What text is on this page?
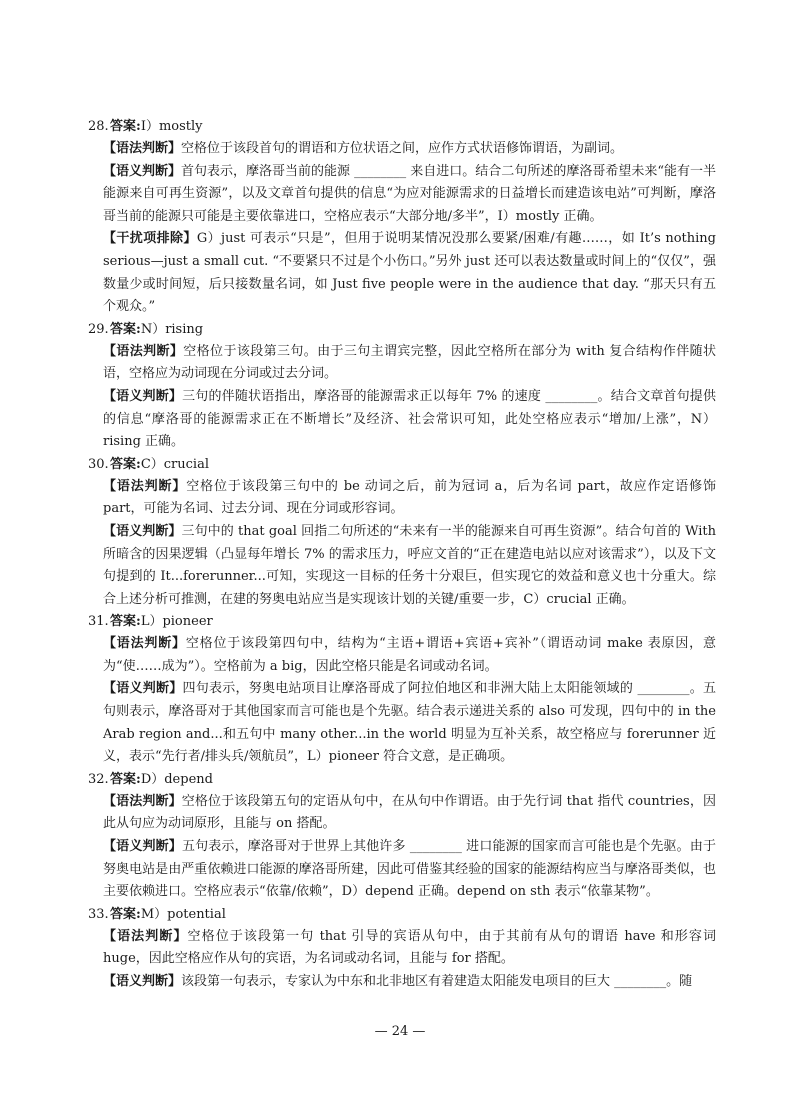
28.答案:I）mostly

【语法判断】空格位于该段首句的谓语和方位状语之间，应作方式状语修饰谓语，为副词。

【语义判断】首句表示，摩洛哥当前的能源 ________ 来自进口。结合二句所述的摩洛哥希望未来“能有一半能源来自可再生资源”，以及文章首句提供的信息“为应对能源需求的日益增长而建造该电站”可判断，摩洛哥当前的能源只可能是主要依靠进口，空格应表示“大部分地/多半”，I）mostly 正确。

【干扰项排除】G）just 可表示“只是”，但用于说明某情况没那么要紧/困难/有趣……，如 It’s nothing serious—just a small cut. “不要紧只不过是个小伤口。”另外 just 还可以表达数量或时间上的“仅仅”，强数量少或时间短，后只接数量名词，如 Just five people were in the audience that day. “那天只有五个观众。”

29.答案:N）rising

【语法判断】空格位于该段第三句。由于三句主谓宾完整，因此空格所在部分为 with 复合结构作伴随状语，空格应为动词现在分词或过去分词。

【语义判断】三句的伴随状语指出，摩洛哥的能源需求正以每年 7% 的速度 ________。结合文章首句提供的信息“摩洛哥的能源需求正在不断增长”及经济、社会常识可知，此处空格应表示“增加/上涨”，N）rising 正确。

30.答案:C）crucial

【语法判断】空格位于该段第三句中的 be 动词之后，前为冠词 a，后为名词 part，故应作定语修饰 part，可能为名词、过去分词、现在分词或形容词。

【语义判断】三句中的 that goal 回指二句所述的“未来有一半的能源来自可再生资源”。结合句首的 With 所暗含的因果逻辑（凸显每年增长 7% 的需求压力，呼应文首的“正在建造电站以应对该需求”），以及下文句提到的 It...forerunner...可知，实现这一目标的任务十分艰巨，但实现它的效益和意义也十分重大。综合上述分析可推测，在建的努奥电站应当是实现该计划的关键/重要一步，C）crucial 正确。

31.答案:L）pioneer

【语法判断】空格位于该段第四句中，结构为“主语+谓语+宾语+宾补”（谓语动词 make 表原因，意为“使……成为”）。空格前为 a big，因此空格只能是名词或动名词。

【语义判断】四句表示，努奥电站项目让摩洛哥成了阿拉伯地区和非洲大陆上太阳能领域的 ________。五句则表示，摩洛哥对于其他国家而言可能也是个先驱。结合表示递进关系的 also 可发现，四句中的 in the Arab region and...和五句中 many other...in the world 明显为互补关系，故空格应与 forerunner 近义，表示“先行者/排头兵/领航员”，L）pioneer 符合文意，是正确项。

32.答案:D）depend

【语法判断】空格位于该段第五句的定语从句中，在从句中作谓语。由于先行词 that 指代 countries，因此从句应为动词原形，且能与 on 搭配。

【语义判断】五句表示，摩洛哥对于世界上其他许多 ________ 进口能源的国家而言可能也是个先驱。由于努奥电站是由严重依赖进口能源的摩洛哥所建，因此可借鉴其经验的国家的能源结构应当与摩洛哥类似，也主要依赖进口。空格应表示“依靠/依赖”，D）depend 正确。depend on sth 表示“依靠某物”。

33.答案:M）potential

【语法判断】空格位于该段第一句 that 引导的宾语从句中，由于其前有从句的谓语 have 和形容词 huge，因此空格应作从句的宾语，为名词或动名词，且能与 for 搭配。

【语义判断】该段第一句表示，专家认为中东和北非地区有着建造太阳能发电项目的巨大 ________。随

— 24 —
